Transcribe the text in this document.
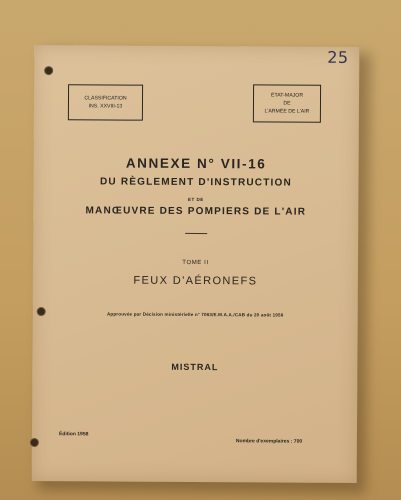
25
CLASSIFICATION
INS. XXVIII-13
ÉTAT-MAJOR
DE
L'ARMÉE DE L'AIR
ANNEXE N° VII-16
DU RÈGLEMENT D'INSTRUCTION
ET DE
MANŒUVRE DES POMPIERS DE L'AIR
TOME II
FEUX D'AÉRONEFS
Approuvée par Décision ministérielle n° 7083/E.M.A.A./CAB du 20 août 1958
MISTRAL
Édition 1958
Nombre d'exemplaires : 700
